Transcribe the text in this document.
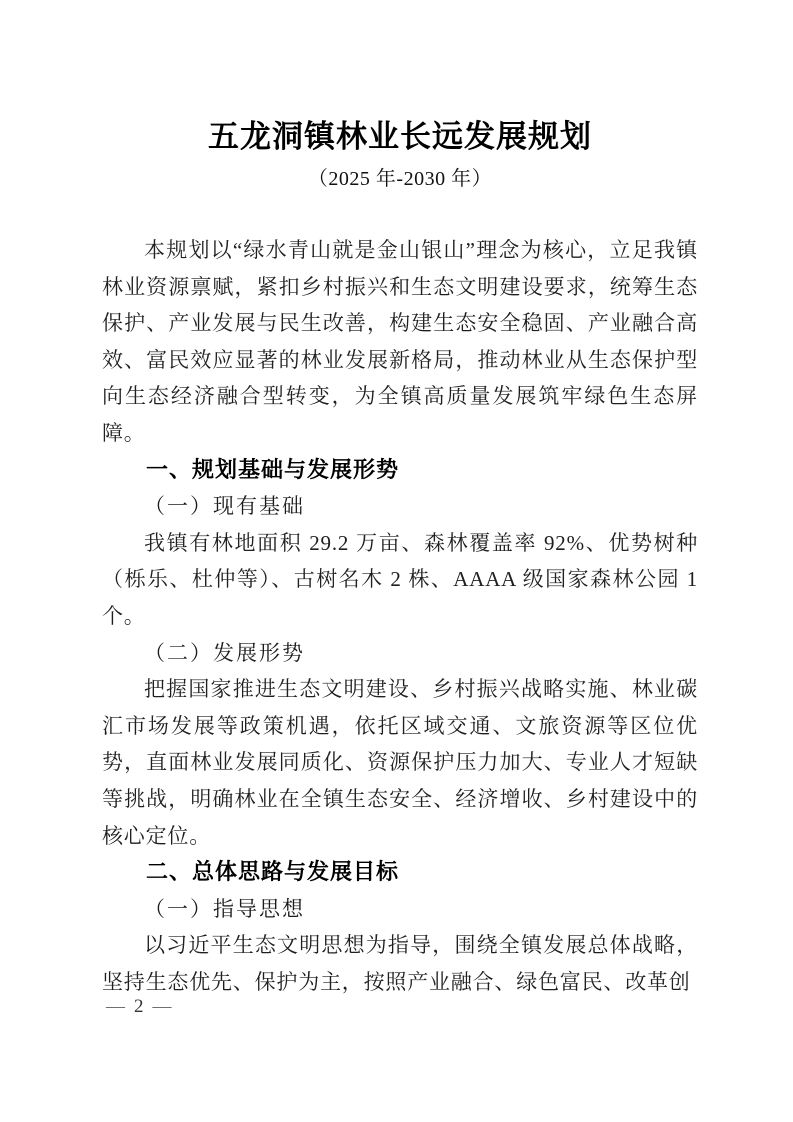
五龙洞镇林业长远发展规划
（2025 年-2030 年）

本规划以“绿水青山就是金山银山”理念为核心，立足我镇林业资源禀赋，紧扣乡村振兴和生态文明建设要求，统筹生态保护、产业发展与民生改善，构建生态安全稳固、产业融合高效、富民效应显著的林业发展新格局，推动林业从生态保护型向生态经济融合型转变，为全镇高质量发展筑牢绿色生态屏障。

一、规划基础与发展形势
（一）现有基础

我镇有林地面积 29.2 万亩、森林覆盖率 92%、优势树种（栎乐、杜仲等）、古树名木 2 株、AAAA 级国家森林公园 1 个。

（二）发展形势

把握国家推进生态文明建设、乡村振兴战略实施、林业碳汇市场发展等政策机遇，依托区域交通、文旅资源等区位优势，直面林业发展同质化、资源保护压力加大、专业人才短缺等挑战，明确林业在全镇生态安全、经济增收、乡村建设中的核心定位。

二、总体思路与发展目标
（一）指导思想

以习近平生态文明思想为指导，围绕全镇发展总体战略，坚持生态优先、保护为主，按照产业融合、绿色富民、改革创

— 2 —
